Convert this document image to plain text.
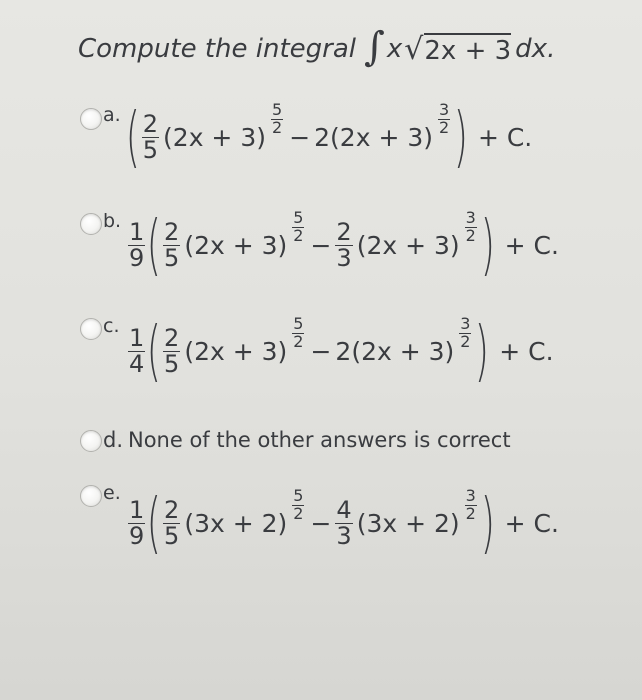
Compute the integral ∫ x √ 2x + 3 dx.
a. ( $\frac{2}{5} (2x + 3)$
$\frac{5}{2}$
− 2(2x + 3)
$\frac{3}{2}$ ) + C.
b. $\frac{1}{9}$ ( $\frac{2}{5} (2x + 3)$
$\frac{5}{2}$
− $\frac{2}{3} (2x + 3)$
$\frac{3}{2}$ ) + C.
c.
$\frac{1}{4}$ ( $\frac{2}{5} (2x + 3)$
$\frac{5}{2}$
− 2(2x + 3)
$\frac{3}{2}$ ) + C.
d. None of the other answers is correct
e.
$\frac{1}{9}$ ( $\frac{2}{5} (3x + 2)$
$\frac{5}{2}$
− $\frac{4}{3} (3x + 2)$
$\frac{3}{2}$ ) + C.
